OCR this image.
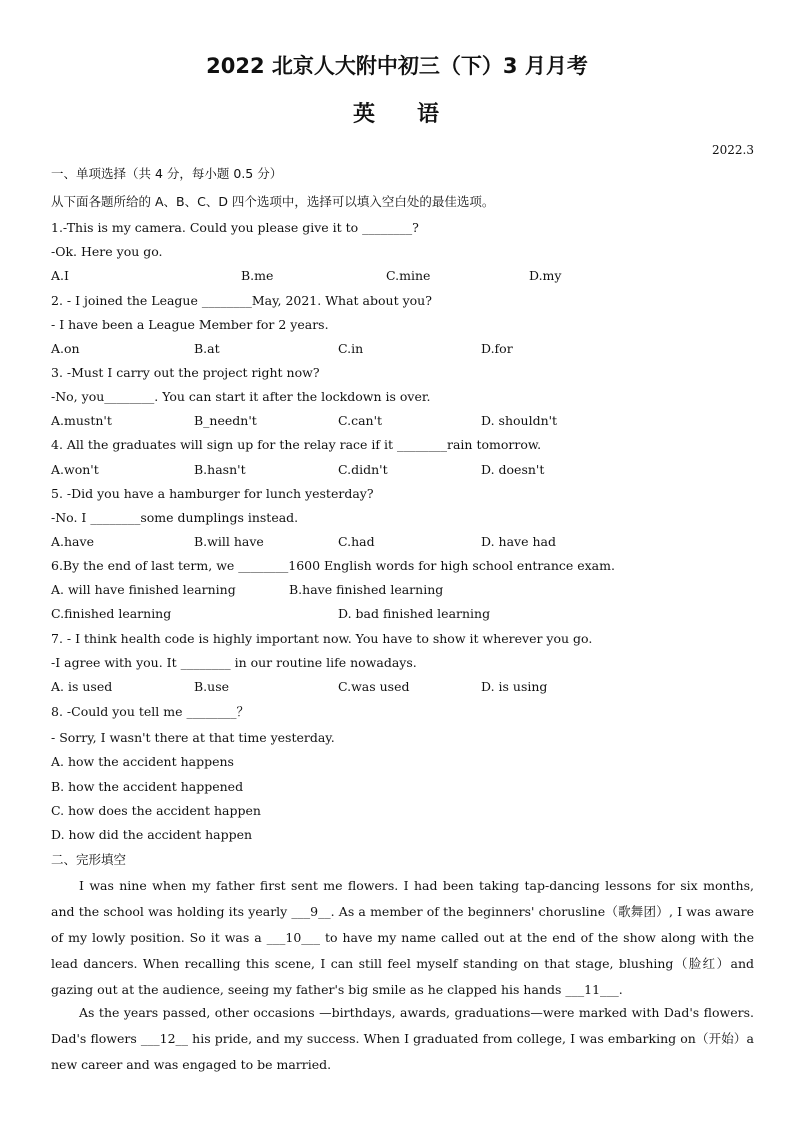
2022 北京人大附中初三（下）3 月月考
英 语
2022.3
一、单项选择（共 4 分，每小题 0.5 分）
从下面各题所给的 A、B、C、D 四个选项中，选择可以填入空白处的最佳选项。
1.-This is my camera. Could you please give it to ________?
-Ok. Here you go.
A.I	B.me	C.mine	D.my
2. - I joined the League ________May, 2021. What about you?
- I have been a League Member for 2 years.
A.on	B.at	C.in	D.for
3. -Must I carry out the project right now?
-No, you________. You can start it after the lockdown is over.
A.mustn't	B_needn't	C.can't	D. shouldn't
4. All the graduates will sign up for the relay race if it ________rain tomorrow.
A.won't	B.hasn't	C.didn't	D. doesn't
5. -Did you have a hamburger for lunch yesterday?
-No. I ________some dumplings instead.
A.have	B.will have	C.had	D. have had
6.By the end of last term, we ________1600 English words for high school entrance exam.
A. will have finished learning	B.have finished learning
C.finished learning	D. bad finished learning
7. - I think health code is highly important now. You have to show it wherever you go.
-I agree with you. It ________ in our routine life nowadays.
A. is used	B.use	C.was used	D. is using
8. -Could you tell me ________？
- Sorry, I wasn't there at that time yesterday.
A. how the accident happens
B. how the accident happened
C. how does the accident happen
D. how did the accident happen
二、完形填空
I was nine when my father first sent me flowers. I had been taking tap-dancing lessons for six months, and the school was holding its yearly ___9__. As a member of the beginners' chorusline（歌舞团）, I was aware of my lowly position. So it was a ___10___ to have my name called out at the end of the show along with the lead dancers. When recalling this scene, I can still feel myself standing on that stage, blushing（脸红）and gazing out at the audience, seeing my father's big smile as he clapped his hands ___11___.
As the years passed, other occasions —birthdays, awards, graduations—were marked with Dad's flowers. Dad's flowers ___12__ his pride, and my success. When I graduated from college, I was embarking on（开始）a new career and was engaged to be married.
